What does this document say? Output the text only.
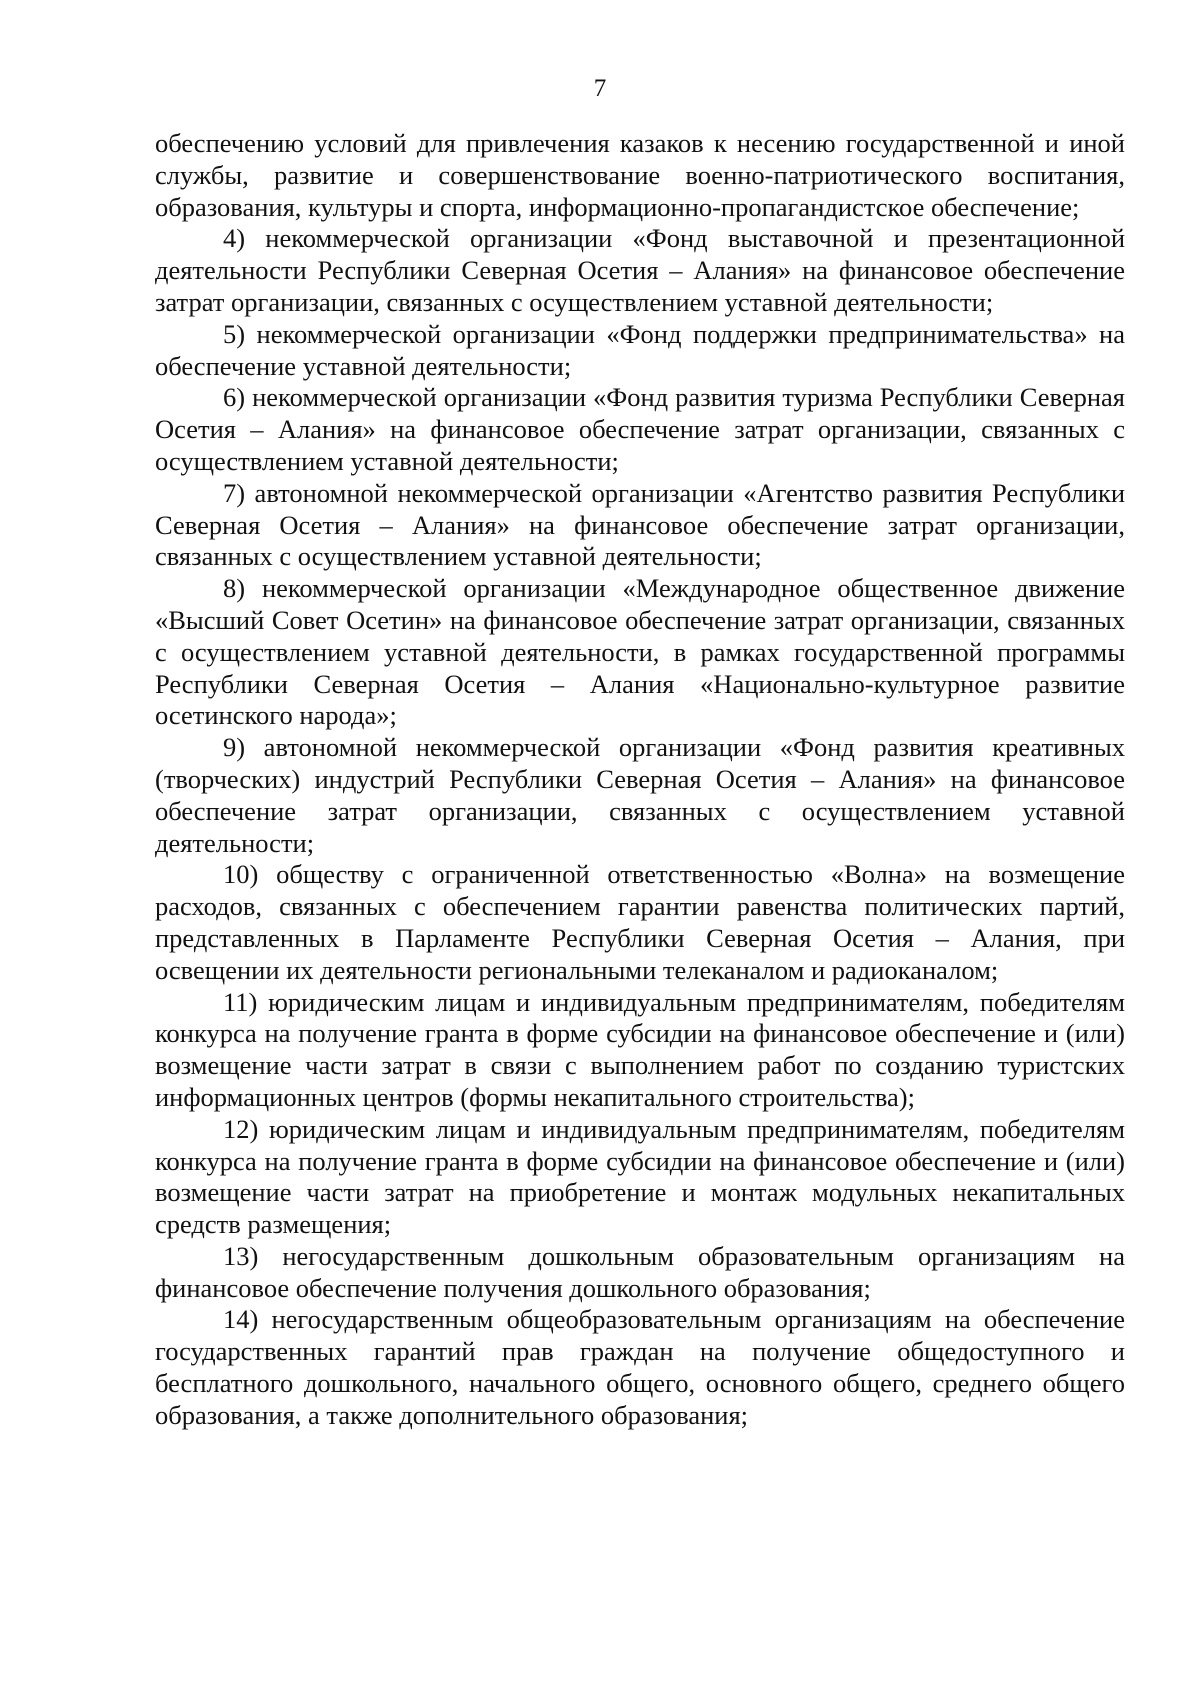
7

обеспечению условий для привлечения казаков к несению государственной и иной службы, развитие и совершенствование военно-патриотического воспитания, образования, культуры и спорта, информационно-пропагандистское обеспечение;

4) некоммерческой организации «Фонд выставочной и презентационной деятельности Республики Северная Осетия – Алания» на финансовое обеспечение затрат организации, связанных с осуществлением уставной деятельности;

5) некоммерческой организации «Фонд поддержки предпринимательства» на обеспечение уставной деятельности;

6) некоммерческой организации «Фонд развития туризма Республики Северная Осетия – Алания» на финансовое обеспечение затрат организации, связанных с осуществлением уставной деятельности;

7) автономной некоммерческой организации «Агентство развития Республики Северная Осетия – Алания» на финансовое обеспечение затрат организации, связанных с осуществлением уставной деятельности;

8) некоммерческой организации «Международное общественное движение «Высший Совет Осетин» на финансовое обеспечение затрат организации, связанных с осуществлением уставной деятельности, в рамках государственной программы Республики Северная Осетия – Алания «Национально-культурное развитие осетинского народа»;

9) автономной некоммерческой организации «Фонд развития креативных (творческих) индустрий Республики Северная Осетия – Алания» на финансовое обеспечение затрат организации, связанных с осуществлением уставной деятельности;

10) обществу с ограниченной ответственностью «Волна» на возмещение расходов, связанных с обеспечением гарантии равенства политических партий, представленных в Парламенте Республики Северная Осетия – Алания, при освещении их деятельности региональными телеканалом и радиоканалом;

11) юридическим лицам и индивидуальным предпринимателям, победителям конкурса на получение гранта в форме субсидии на финансовое обеспечение и (или) возмещение части затрат в связи с выполнением работ по созданию туристских информационных центров (формы некапитального строительства);

12) юридическим лицам и индивидуальным предпринимателям, победителям конкурса на получение гранта в форме субсидии на финансовое обеспечение и (или) возмещение части затрат на приобретение и монтаж модульных некапитальных средств размещения;

13) негосударственным дошкольным образовательным организациям на финансовое обеспечение получения дошкольного образования;

14) негосударственным общеобразовательным организациям на обеспечение государственных гарантий прав граждан на получение общедоступного и бесплатного дошкольного, начального общего, основного общего, среднего общего образования, а также дополнительного образования;
